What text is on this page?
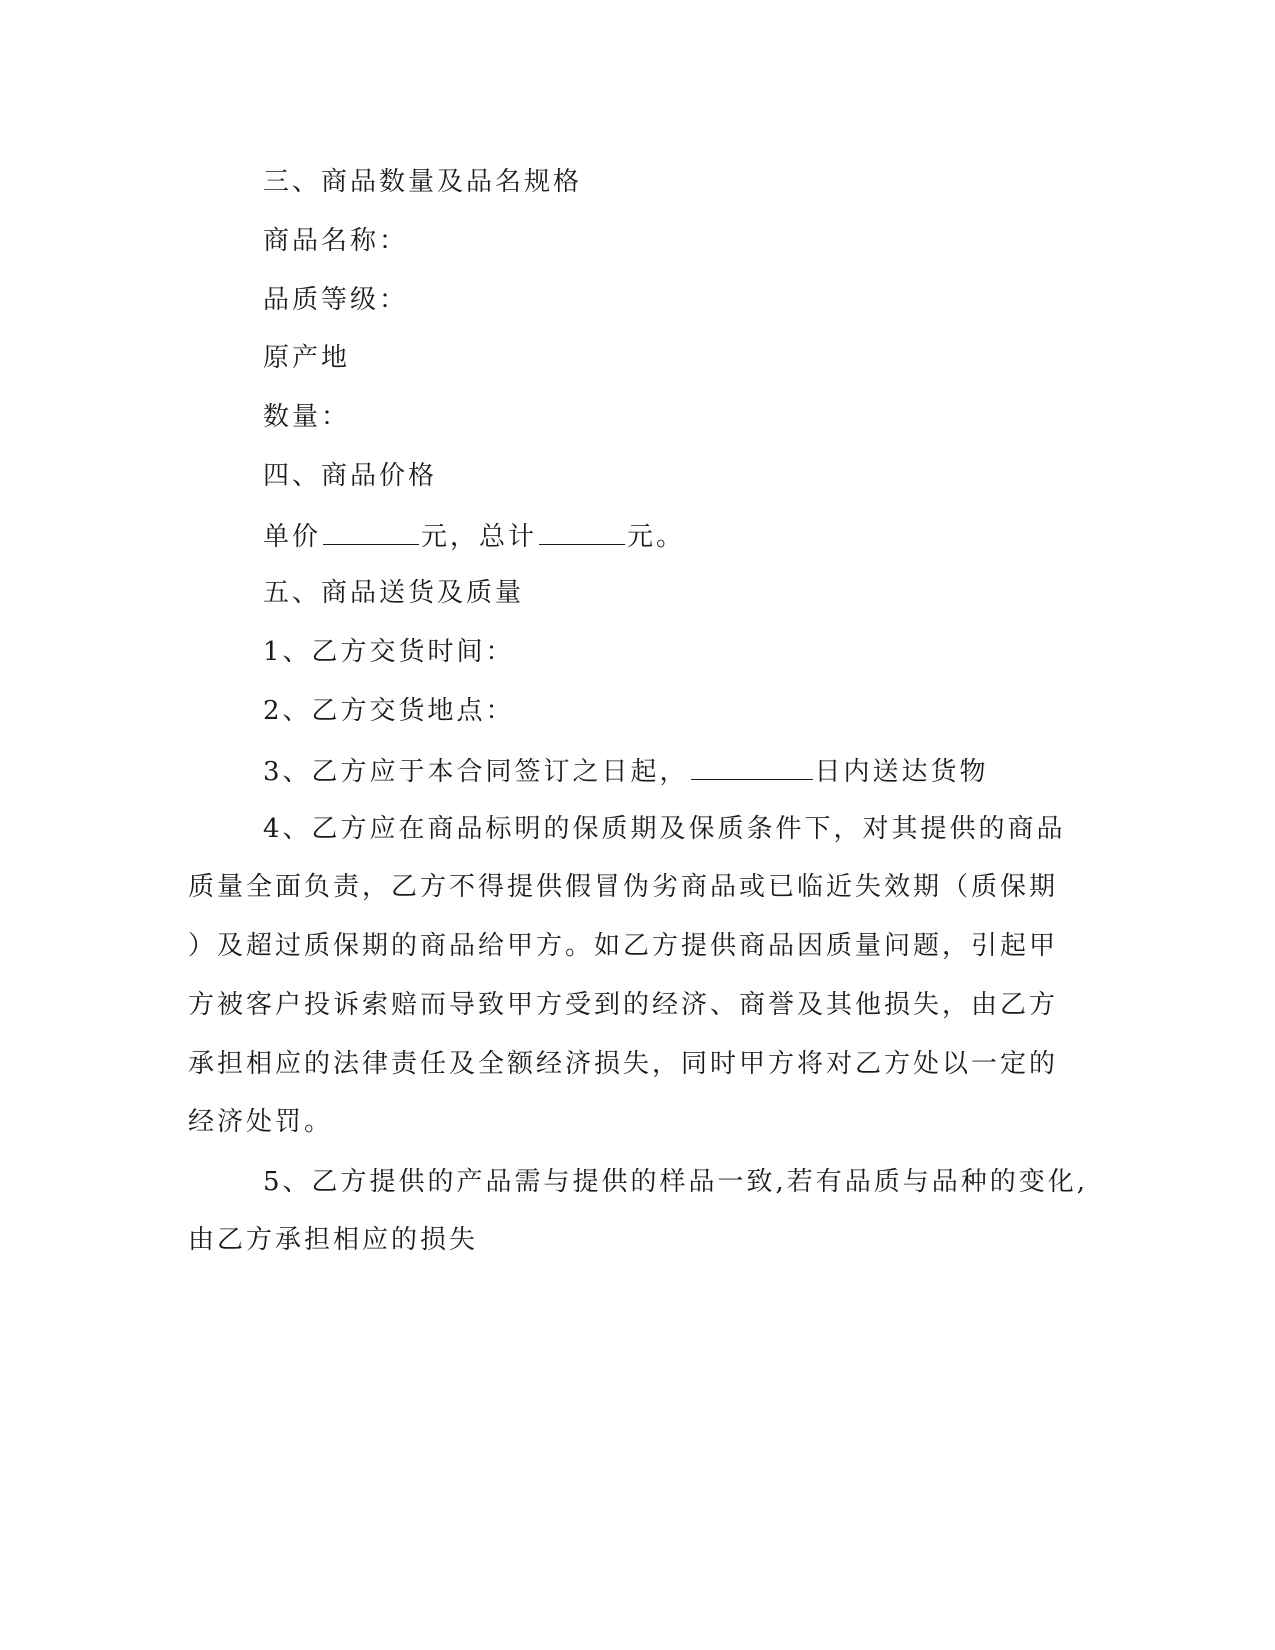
三、商品数量及品名规格
商品名称：
品质等级：
原产地
数量：
四、商品价格
单价	元，总计	元。
五、商品送货及质量
1、乙方交货时间：
2、乙方交货地点：
3、乙方应于本合同签订之日起，	日内送达货物
4、乙方应在商品标明的保质期及保质条件下，对其提供的商品
质量全面负责，乙方不得提供假冒伪劣商品或已临近失效期（质保期
）及超过质保期的商品给甲方。如乙方提供商品因质量问题，引起甲
方被客户投诉索赔而导致甲方受到的经济、商誉及其他损失，由乙方
承担相应的法律责任及全额经济损失，同时甲方将对乙方处以一定的
经济处罚。
5、乙方提供的产品需与提供的样品一致,若有品质与品种的变化,
由乙方承担相应的损失
